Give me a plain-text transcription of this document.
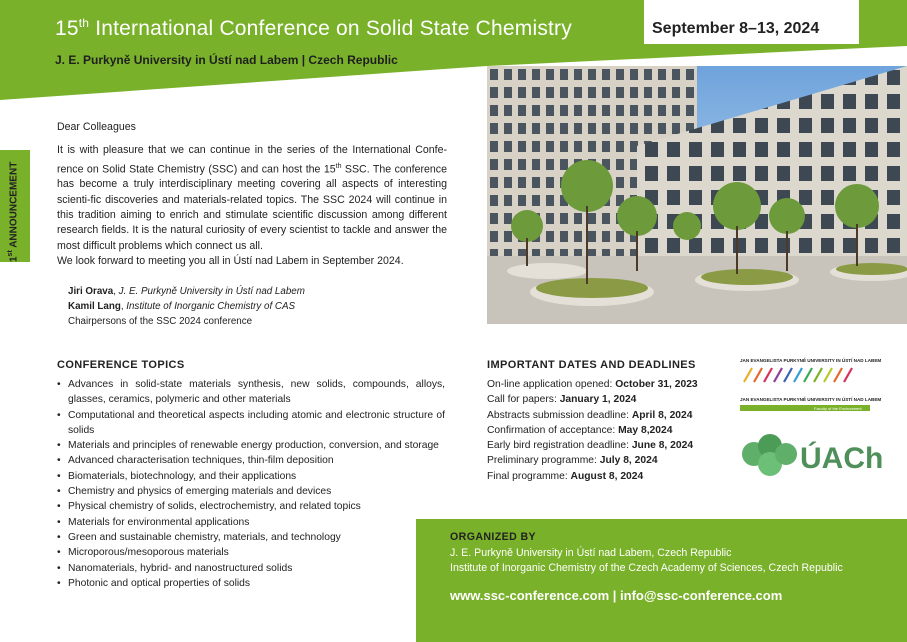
15th International Conference on Solid State Chemistry
J. E. Purkyně University in Ústí nad Labem | Czech Republic
September 8–13, 2024
1st ANNOUNCEMENT

Dear Colleagues

It is with pleasure that we can continue in the series of the International Confe-rence on Solid State Chemistry (SSC) and can host the 15th SSC. The conference has become a truly interdisciplinary meeting covering all aspects of interesting scienti-fic discoveries and materials-related topics. The SSC 2024 will continue in this tradition aiming to enrich and stimulate scientific discussion among different research fields. It is the natural curiosity of every scientist to tackle and answer the most difficult problems which connect us all.

We look forward to meeting you all in Ústí nad Labem in September 2024.

Jiri Orava, J. E. Purkyně University in Ústí nad Labem
Kamil Lang, Institute of Inorganic Chemistry of CAS
Chairpersons of the SSC 2024 conference
CONFERENCE TOPICS
• Advances in solid-state materials synthesis, new solids, compounds, alloys, glasses, ceramics, polymeric and other materials
• Computational and theoretical aspects including atomic and electronic structure of solids
• Materials and principles of renewable energy production, conversion, and storage
• Advanced characterisation techniques, thin-film deposition
• Biomaterials, biotechnology, and their applications
• Chemistry and physics of emerging materials and devices
• Physical chemistry of solids, electrochemistry, and related topics
• Materials for environmental applications
• Green and sustainable chemistry, materials, and technology
• Microporous/mesoporous materials
• Nanomaterials, hybrid- and nanostructured solids
• Photonic and optical properties of solids
IMPORTANT DATES AND DEADLINES
On-line application opened: October 31, 2023
Call for papers: January 1, 2024
Abstracts submission deadline: April 8, 2024
Confirmation of acceptance: May 8,2024
Early bird registration deadline: June 8, 2024
Preliminary programme: July 8, 2024
Final programme: August 8, 2024
JAN EVANGELISTA PURKYNĚ UNIVERSITY IN ÚSTÍ NAD LABEM
JAN EVANGELISTA PURKYNĚ UNIVERSITY IN ÚSTÍ NAD LABEM
Faculty of the Environment
ÚACh
ORGANIZED BY
J. E. Purkyně University in Ústí nad Labem, Czech Republic
Institute of Inorganic Chemistry of the Czech Academy of Sciences, Czech Republic
www.ssc-conference.com | info@ssc-conference.com
